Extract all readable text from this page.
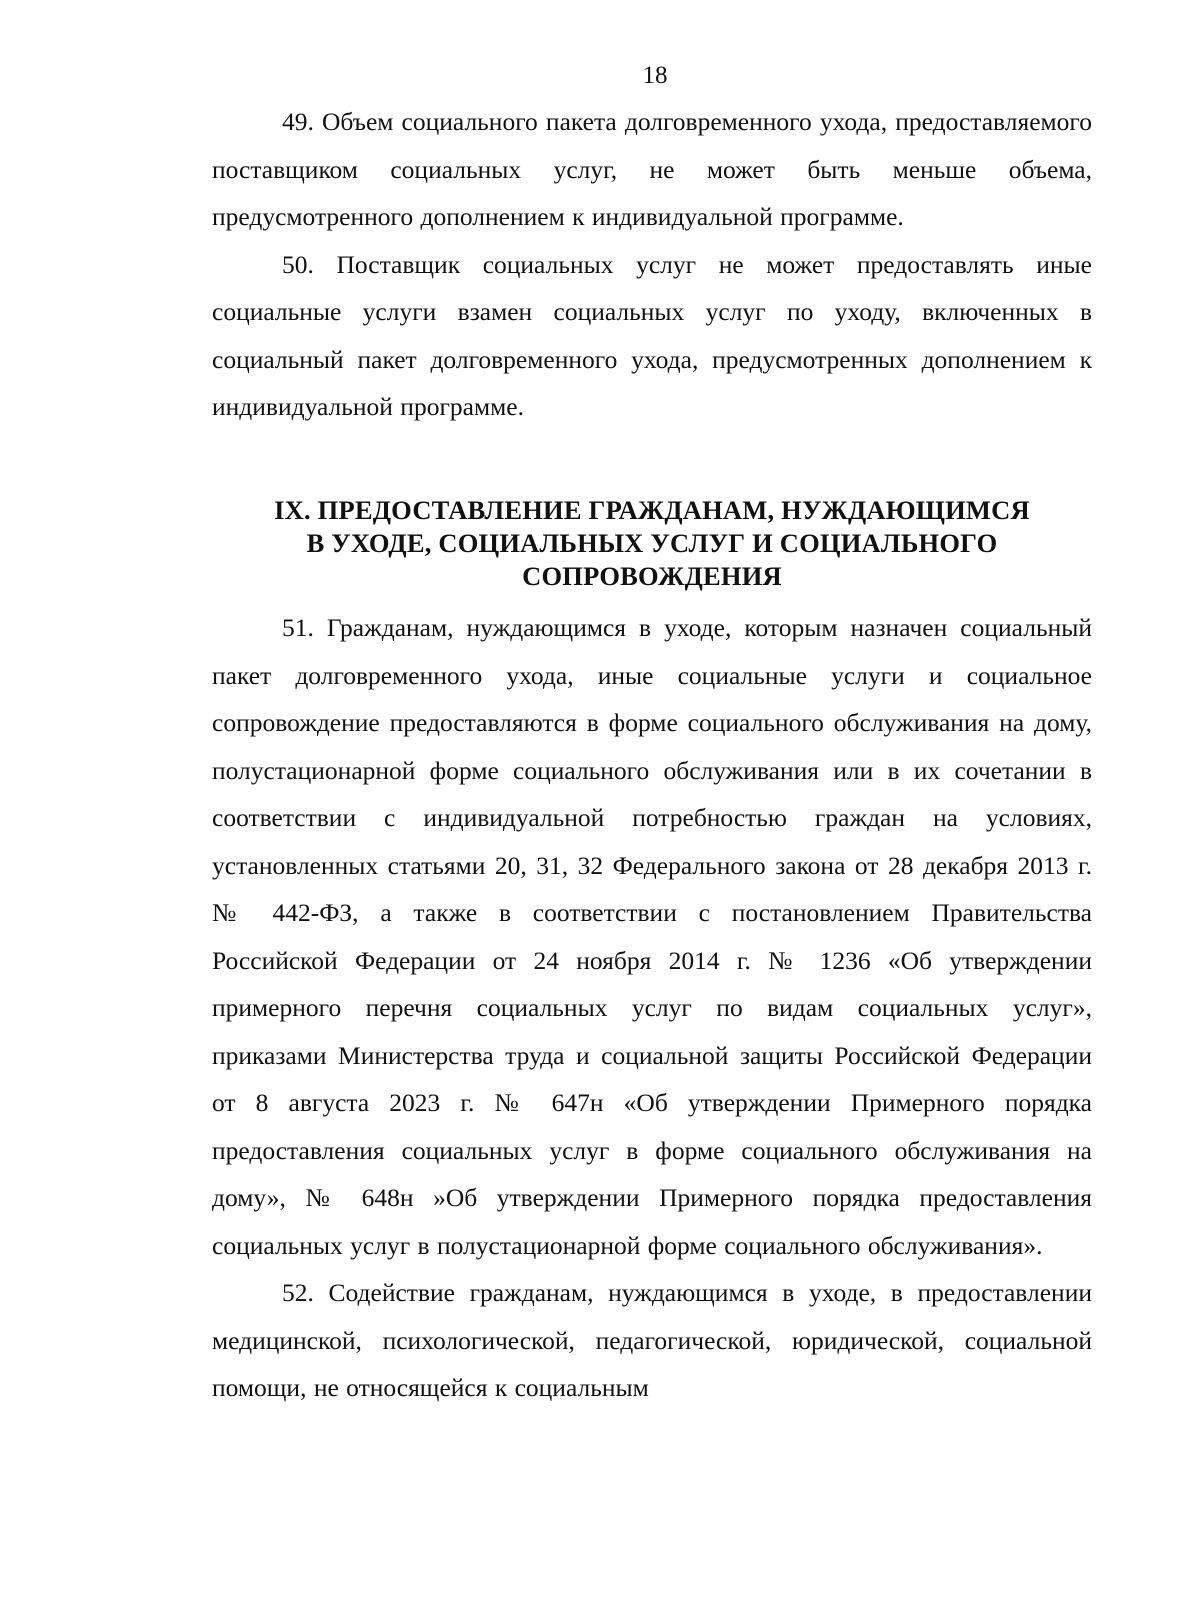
18

49. Объем социального пакета долговременного ухода, предоставляемого поставщиком социальных услуг, не может быть меньше объема, предусмотренного дополнением к индивидуальной программе.

50. Поставщик социальных услуг не может предоставлять иные социальные услуги взамен социальных услуг по уходу, включенных в социальный пакет долговременного ухода, предусмотренных дополнением к индивидуальной программе.

IX. ПРЕДОСТАВЛЕНИЕ ГРАЖДАНАМ, НУЖДАЮЩИМСЯ
В УХОДЕ, СОЦИАЛЬНЫХ УСЛУГ И СОЦИАЛЬНОГО
СОПРОВОЖДЕНИЯ

51. Гражданам, нуждающимся в уходе, которым назначен социальный пакет долговременного ухода, иные социальные услуги и социальное сопровождение предоставляются в форме социального обслуживания на дому, полустационарной форме социального обслуживания или в их сочетании в соответствии с индивидуальной потребностью граждан на условиях, установленных статьями 20, 31, 32 Федерального закона от 28 декабря 2013 г. № 442-ФЗ, а также в соответствии с постановлением Правительства Российской Федерации от 24 ноября 2014 г. № 1236 «Об утверждении примерного перечня социальных услуг по видам социальных услуг», приказами Министерства труда и социальной защиты Российской Федерации от 8 августа 2023 г. № 647н «Об утверждении Примерного порядка предоставления социальных услуг в форме социального обслуживания на дому», № 648н »Об утверждении Примерного порядка предоставления социальных услуг в полустационарной форме социального обслуживания».

52. Содействие гражданам, нуждающимся в уходе, в предоставлении медицинской, психологической, педагогической, юридической, социальной помощи, не относящейся к социальным
